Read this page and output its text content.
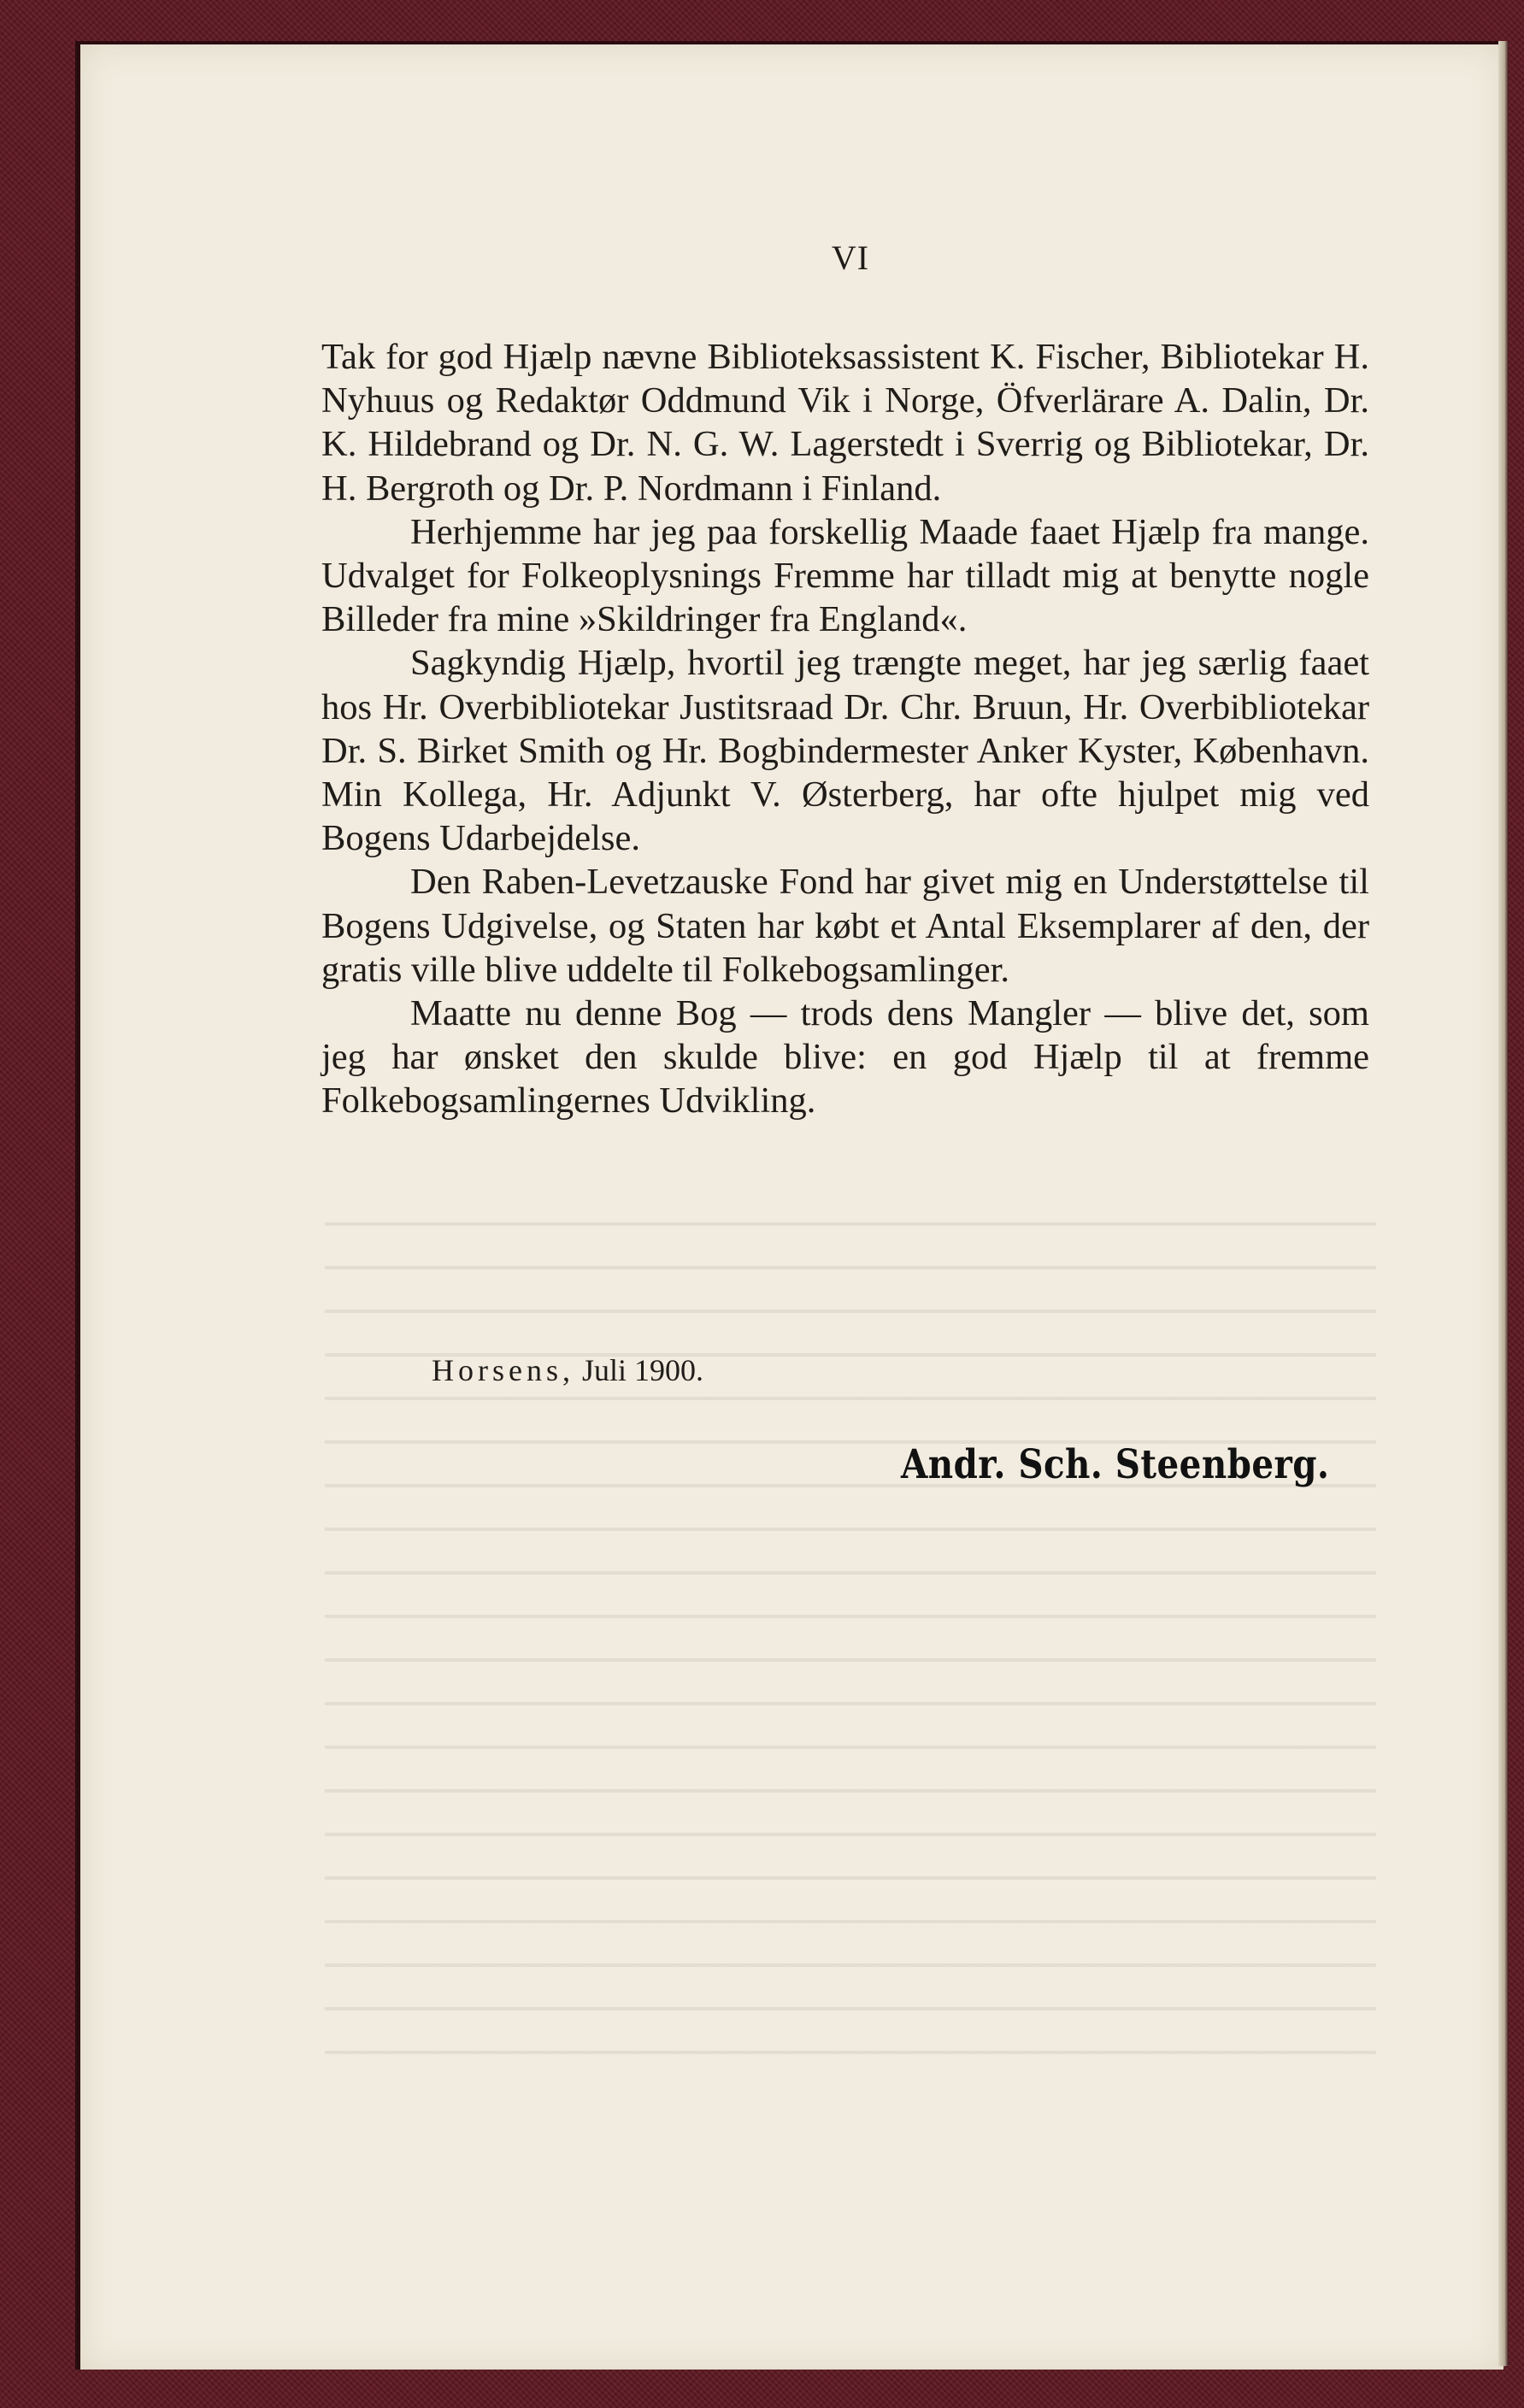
VI

Tak for god Hjælp nævne Biblioteksassistent K. Fischer, Bibliotekar H. Nyhuus og Redaktør Oddmund Vik i Norge, Öfverlärare A. Dalin, Dr. K. Hildebrand og Dr. N. G. W. Lagerstedt i Sverrig og Bibliotekar, Dr. H. Bergroth og Dr. P. Nordmann i Finland.

Herhjemme har jeg paa forskellig Maade faaet Hjælp fra mange. Udvalget for Folkeoplysnings Fremme har tilladt mig at benytte nogle Billeder fra mine »Skildringer fra England«.

Sagkyndig Hjælp, hvortil jeg trængte meget, har jeg særlig faaet hos Hr. Overbibliotekar Justitsraad Dr. Chr. Bruun, Hr. Overbibliotekar Dr. S. Birket Smith og Hr. Bogbindermester Anker Kyster, København. Min Kollega, Hr. Adjunkt V. Østerberg, har ofte hjulpet mig ved Bogens Udarbejdelse.

Den Raben-Levetzauske Fond har givet mig en Understøttelse til Bogens Udgivelse, og Staten har købt et Antal Eksemplarer af den, der gratis ville blive uddelte til Folkebogsamlinger.

Maatte nu denne Bog — trods dens Mangler — blive det, som jeg har ønsket den skulde blive: en god Hjælp til at fremme Folkebogsamlingernes Udvikling.

Horsens, Juli 1900.
Andr. Sch. Steenberg.
